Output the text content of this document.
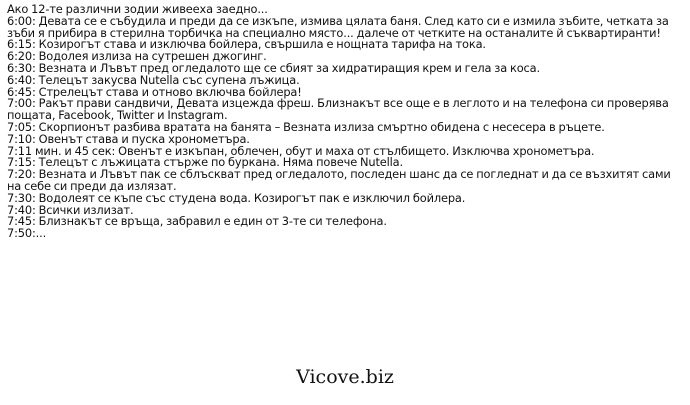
Ако 12-те различни зодии живееха заедно...

6:00: Девата се е събудила и преди да се изкъпе, измива цялата баня. След като си е измила зъбите, четката за зъби я прибира в стерилна торбичка на специално място... далече от четките на останалите й съквартиранти!

6:15: Козирогът става и изключва бойлера, свършила е нощната тарифа на тока.

6:20: Водолея излиза на сутрешен джогинг.

6:30: Везната и Лъвът пред огледалото ще се сбият за хидратиращия крем и гела за коса.

6:40: Телецът закусва Nutella със супена лъжица.

6:45: Стрелецът става и отново включва бойлера!

7:00: Ракът прави сандвичи, Девата изцежда фреш. Близнакът все още е в леглото и на телефона си проверява пощата, Facebook, Twitter и Instagram.

7:05: Скорпионът разбива вратата на банята – Везната излиза смъртно обидена с несесера в ръцете.

7:10: Овенът става и пуска хронометъра.

7:11 мин. и 45 сек: Овенът е изкъпан, облечен, обут и маха от стълбището. Изключва хронометъра.

7:15: Телецът с лъжицата стърже по буркана. Няма повече Nutella.

7:20: Везната и Лъвът пак се сблъскват пред огледалото, последен шанс да се погледнат и да се възхитят сами на себе си преди да излязат.

7:30: Водолеят се къпе със студена вода. Козирогът пак е изключил бойлера.

7:40: Всички излизат.

7:45: Близнакът се връща, забравил е един от 3-те си телефона.

7:50:...

Vicove.biz
